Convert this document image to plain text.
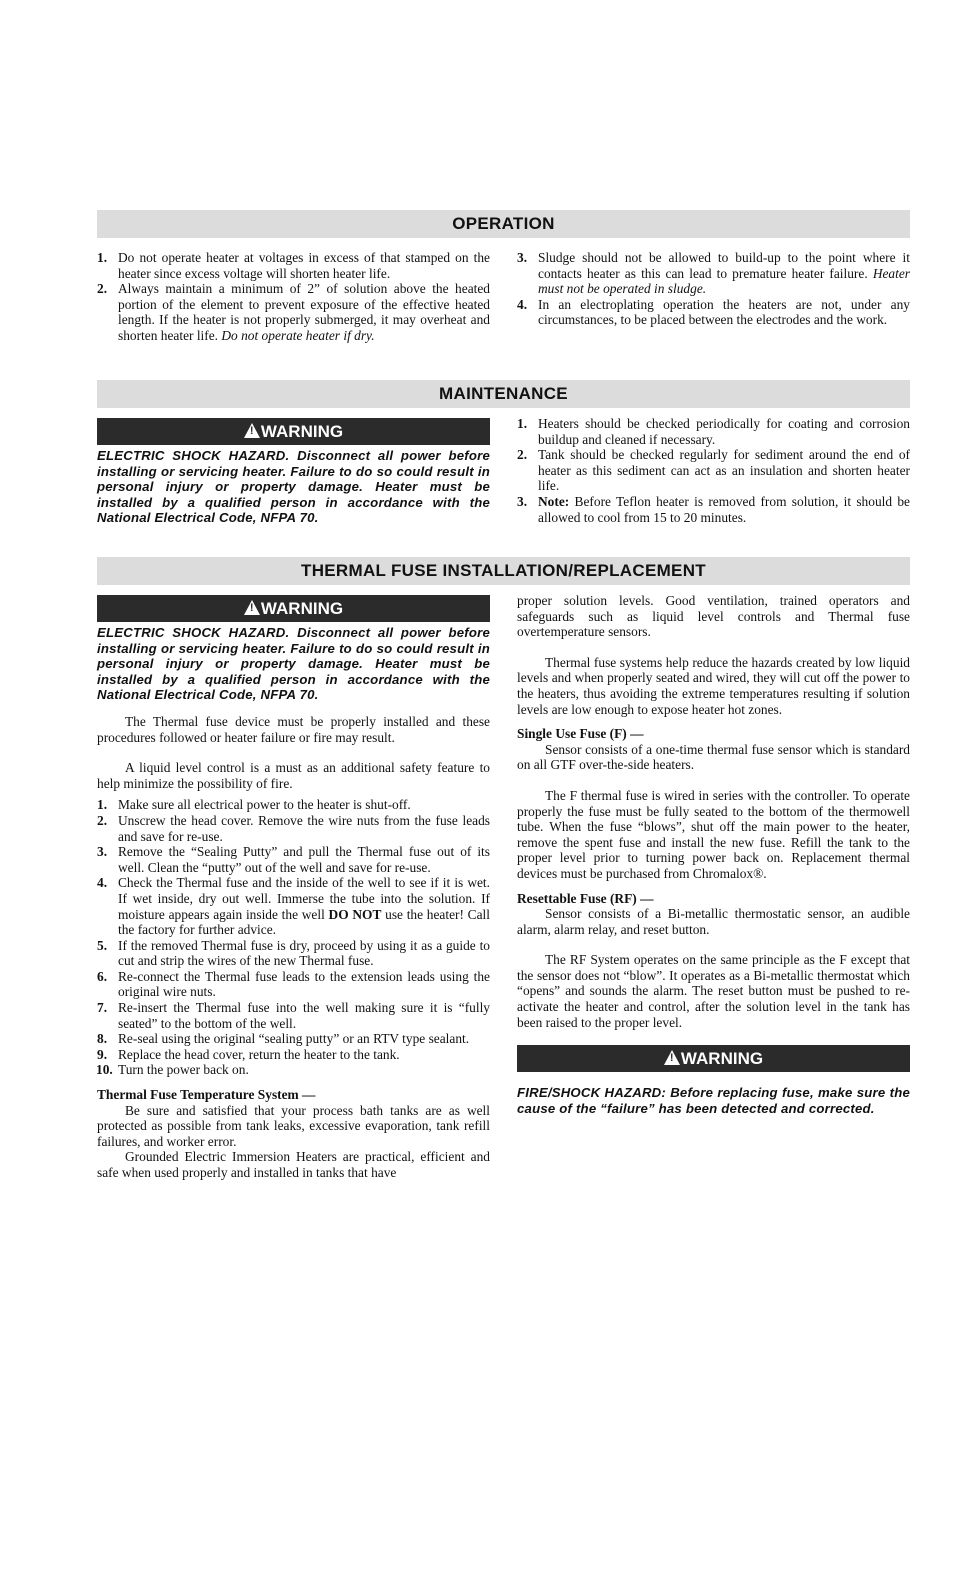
OPERATION
1. Do not operate heater at voltages in excess of that stamped on the heater since excess voltage will shorten heater life.
2. Always maintain a minimum of 2” of solution above the heated portion of the element to prevent exposure of the effective heated length. If the heater is not properly submerged, it may overheat and shorten heater life. Do not operate heater if dry.
3. Sludge should not be allowed to build-up to the point where it contacts heater as this can lead to premature heater failure. Heater must not be operated in sludge.
4. In an electroplating operation the heaters are not, under any circumstances, to be placed between the electrodes and the work.
MAINTENANCE
!WARNING
ELECTRIC SHOCK HAZARD. Disconnect all power before installing or servicing heater. Failure to do so could result in personal injury or property damage. Heater must be installed by a qualified person in accordance with the National Electrical Code, NFPA 70.
1. Heaters should be checked periodically for coating and corrosion buildup and cleaned if necessary.
2. Tank should be checked regularly for sediment around the end of heater as this sediment can act as an insulation and shorten heater life.
3. Note: Before Teflon heater is removed from solution, it should be allowed to cool from 15 to 20 minutes.
THERMAL FUSE INSTALLATION/REPLACEMENT
!WARNING
ELECTRIC SHOCK HAZARD. Disconnect all power before installing or servicing heater. Failure to do so could result in personal injury or property damage. Heater must be installed by a qualified person in accordance with the National Electrical Code, NFPA 70.

The Thermal fuse device must be properly installed and these procedures followed or heater failure or fire may result.

A liquid level control is a must as an additional safety feature to help minimize the possibility of fire.

1. Make sure all electrical power to the heater is shut-off.
2. Unscrew the head cover. Remove the wire nuts from the fuse leads and save for re-use.
3. Remove the “Sealing Putty” and pull the Thermal fuse out of its well. Clean the “putty” out of the well and save for re-use.
4. Check the Thermal fuse and the inside of the well to see if it is wet. If wet inside, dry out well. Immerse the tube into the solution. If moisture appears again inside the well DO NOT use the heater! Call the factory for further advice.
5. If the removed Thermal fuse is dry, proceed by using it as a guide to cut and strip the wires of the new Thermal fuse.
6. Re-connect the Thermal fuse leads to the extension leads using the original wire nuts.
7. Re-insert the Thermal fuse into the well making sure it is “fully seated” to the bottom of the well.
8. Re-seal using the original “sealing putty” or an RTV type sealant.
9. Replace the head cover, return the heater to the tank.
10. Turn the power back on.

Thermal Fuse Temperature System —

Be sure and satisfied that your process bath tanks are as well protected as possible from tank leaks, excessive evaporation, tank refill failures, and worker error.

Grounded Electric Immersion Heaters are practical, efficient and safe when used properly and installed in tanks that have

proper solution levels. Good ventilation, trained operators and safeguards such as liquid level controls and Thermal fuse overtemperature sensors.

Thermal fuse systems help reduce the hazards created by low liquid levels and when properly seated and wired, they will cut off the power to the heaters, thus avoiding the extreme temperatures resulting if solution levels are low enough to expose heater hot zones.

Single Use Fuse (F) —

Sensor consists of a one-time thermal fuse sensor which is standard on all GTF over-the-side heaters.

The F thermal fuse is wired in series with the controller. To operate properly the fuse must be fully seated to the bottom of the thermowell tube. When the fuse “blows”, shut off the main power to the heater, remove the spent fuse and install the new fuse. Refill the tank to the proper level prior to turning power back on. Replacement thermal devices must be purchased from Chromalox®.

Resettable Fuse (RF) —

Sensor consists of a Bi-metallic thermostatic sensor, an audible alarm, alarm relay, and reset button.

The RF System operates on the same principle as the F except that the sensor does not “blow”. It operates as a Bi-metallic thermostat which “opens” and sounds the alarm. The reset button must be pushed to re-activate the heater and control, after the solution level in the tank has been raised to the proper level.

!WARNING
FIRE/SHOCK HAZARD: Before replacing fuse, make sure the cause of the “failure” has been detected and corrected.
